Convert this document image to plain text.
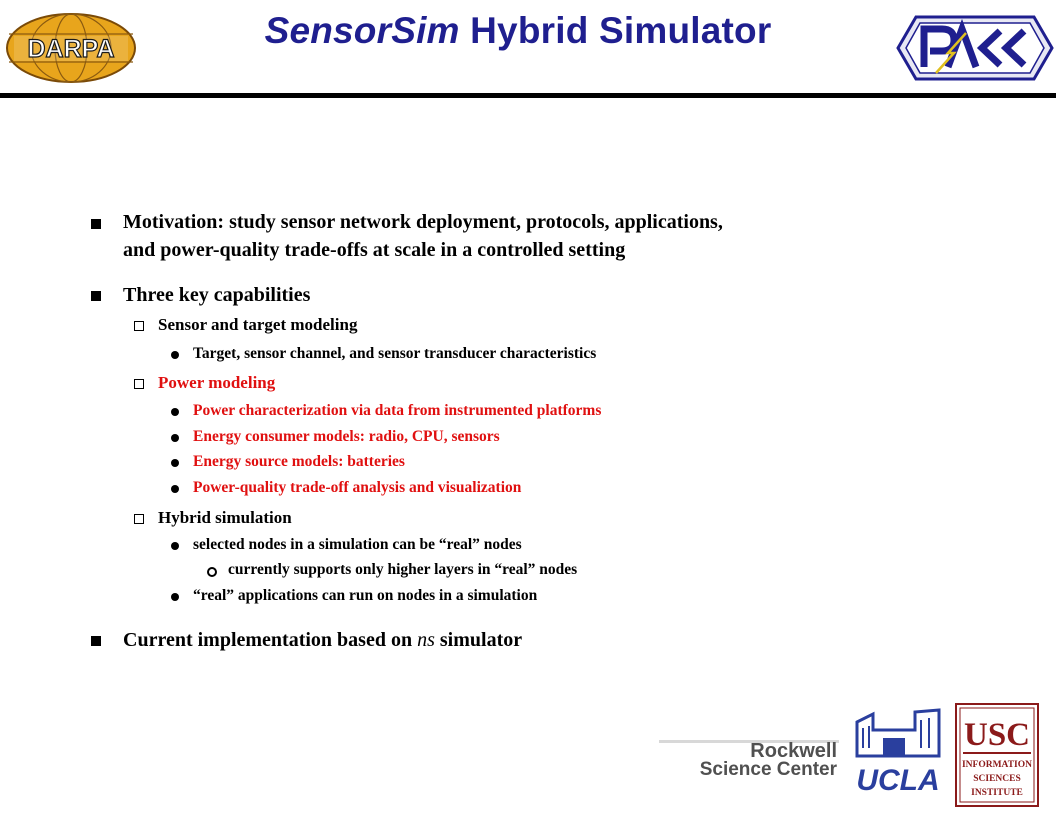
DARPA	SensorSim Hybrid Simulator	PACC
Motivation: study sensor network deployment, protocols, applications,
and power-quality trade-offs at scale in a controlled setting
Three key capabilities
Sensor and target modeling
Target, sensor channel, and sensor transducer characteristics
Power modeling
Power characterization via data from instrumented platforms
Energy consumer models: radio, CPU, sensors
Energy source models: batteries
Power-quality trade-off analysis and visualization
Hybrid simulation
selected nodes in a simulation can be “real” nodes
currently supports only higher layers in “real” nodes
“real” applications can run on nodes in a simulation
Current implementation based on ns simulator
Rockwell
Science Center UCLA
USC
INFORMATION
SCIENCES
INSTITUTE
